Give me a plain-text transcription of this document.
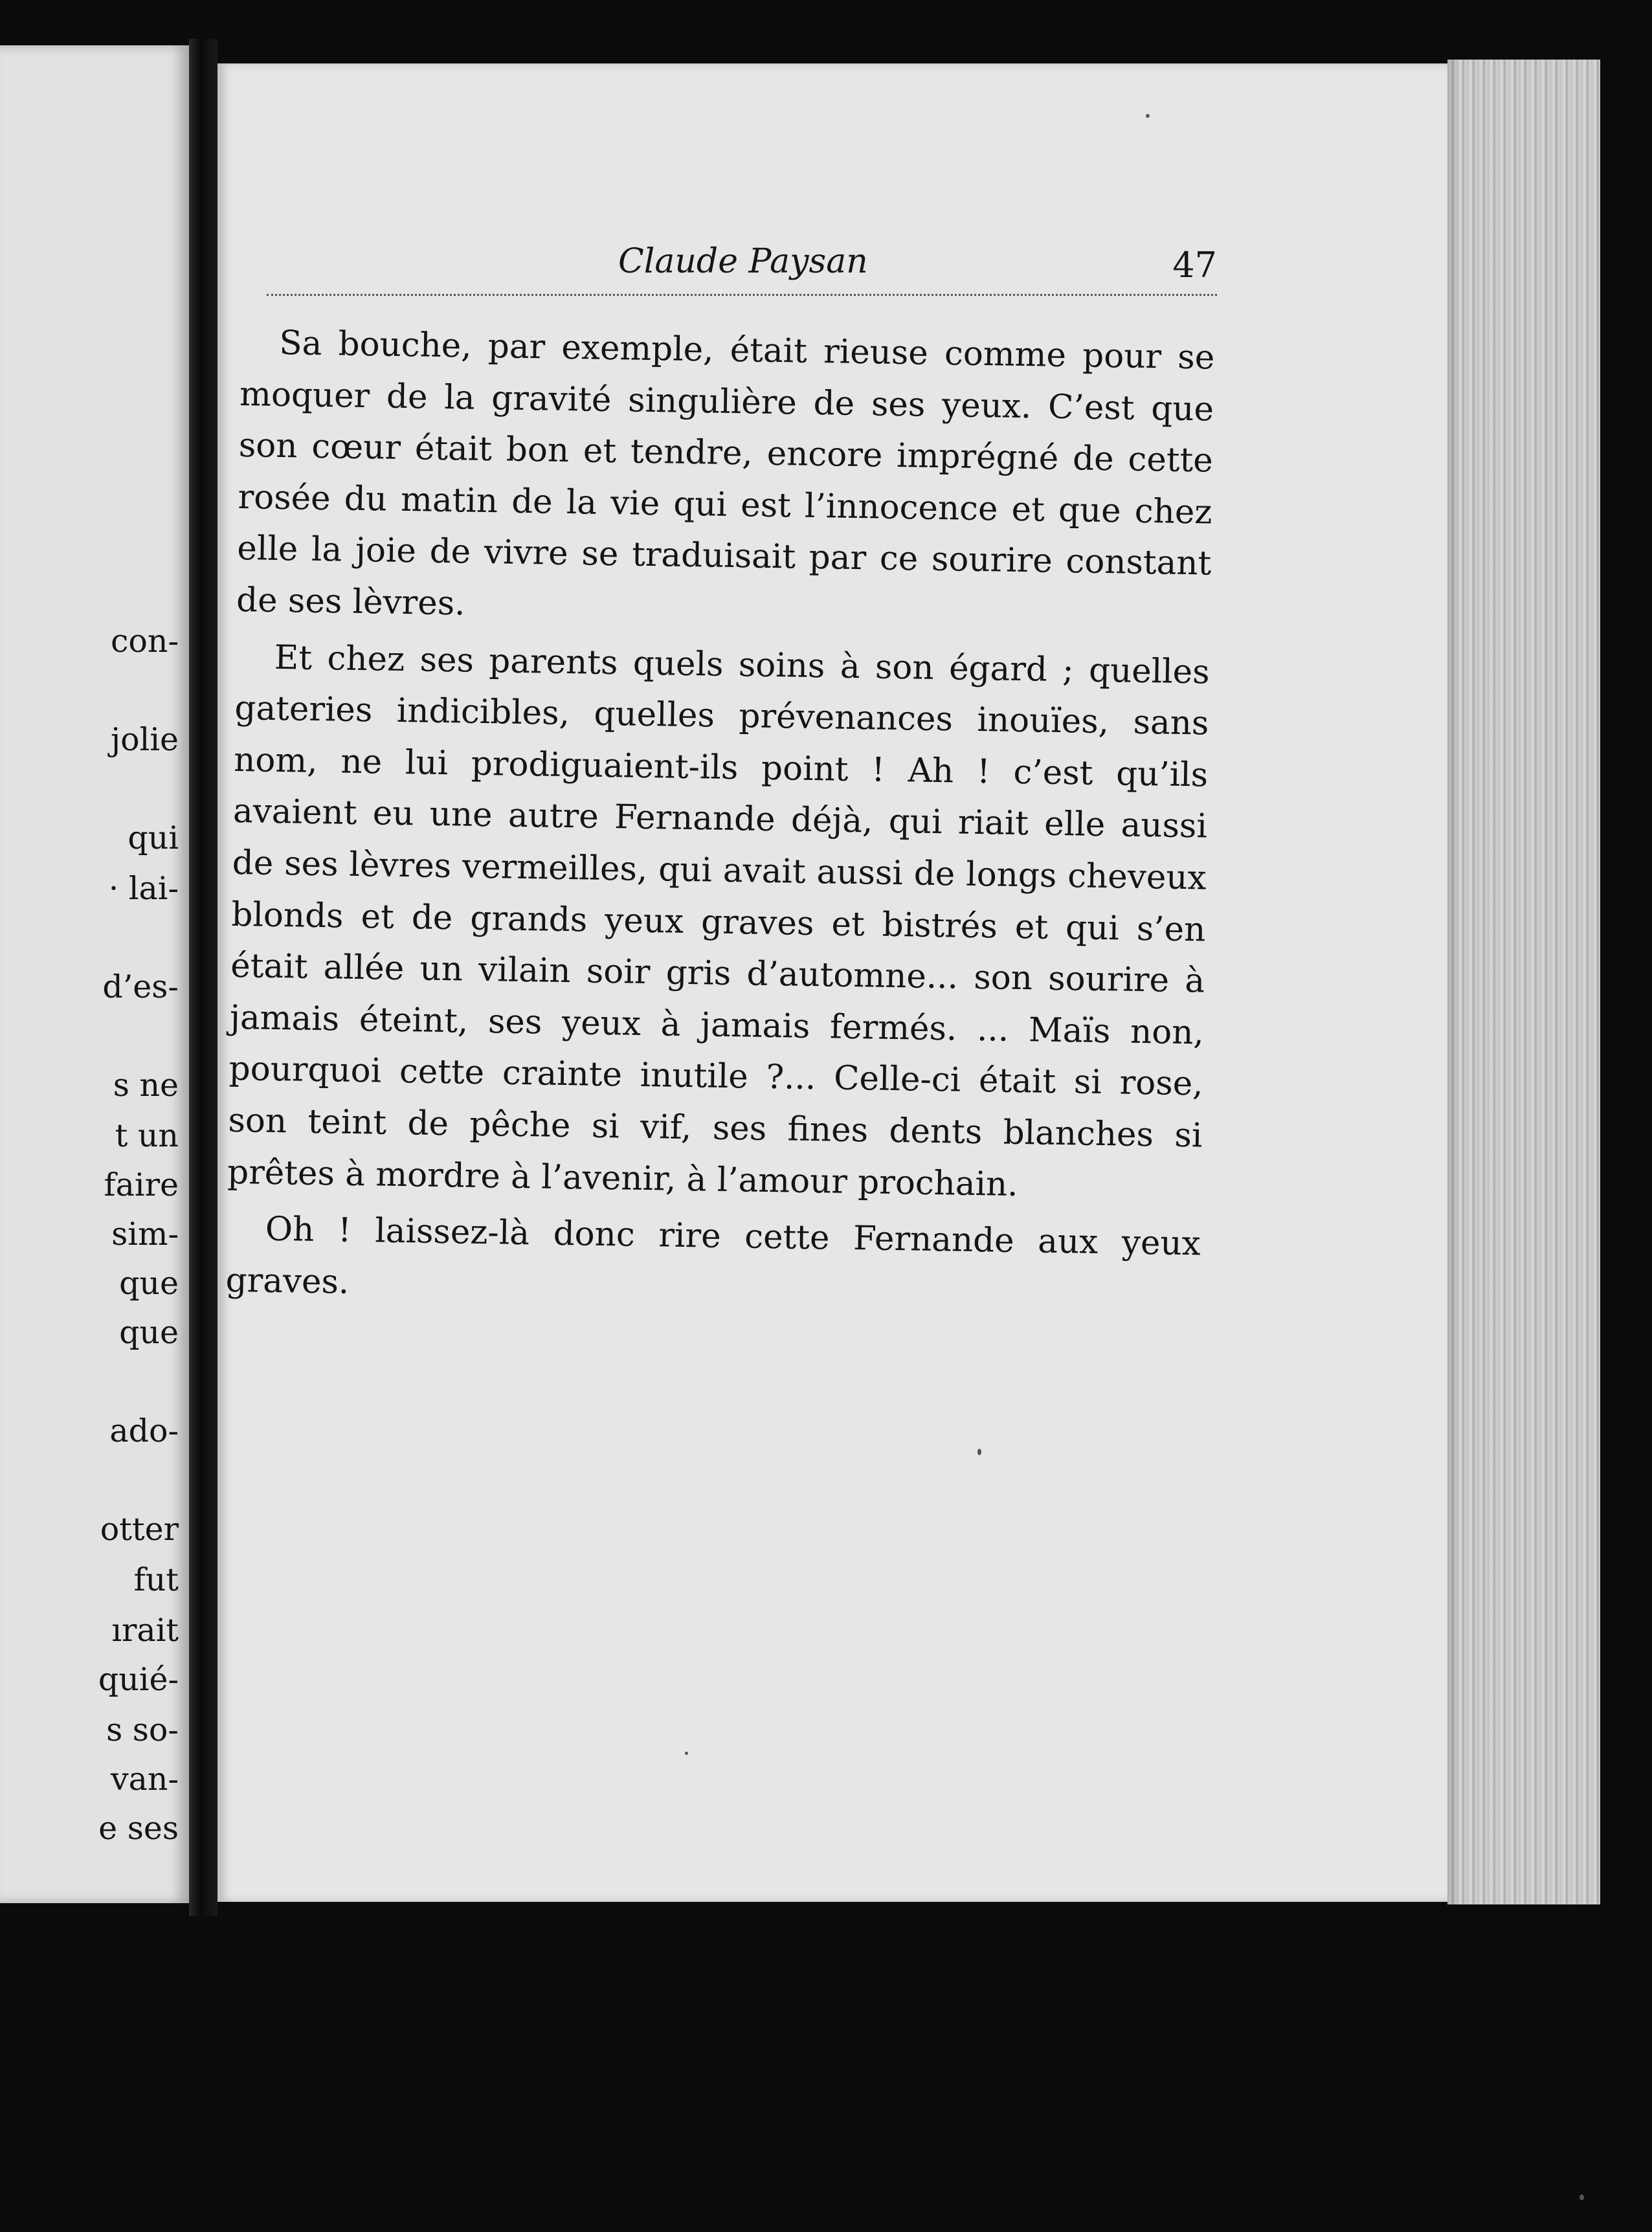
con-
jolie
qui
· lai-
d’es-
s ne
t un
faire
sim-
que
que
ado-
otter
fut
ırait
quié-
s so-
van-
e ses
Claude Paysan	47

Sa bouche, par exemple, était rieuse comme pour se moquer de la gravité singulière de ses yeux. C’est que son cœur était bon et tendre, encore imprégné de cette rosée du matin de la vie qui est l’innocence et que chez elle la joie de vivre se traduisait par ce sourire constant de ses lèvres.

Et chez ses parents quels soins à son égard ; quelles gateries indicibles, quelles prévenances inouïes, sans nom, ne lui prodiguaient-ils point ! Ah ! c’est qu’ils avaient eu une autre Fernande déjà, qui riait elle aussi de ses lèvres vermeilles, qui avait aussi de longs cheveux blonds et de grands yeux graves et bistrés et qui s’en était allée un vilain soir gris d’automne... son sourire à jamais éteint, ses yeux à jamais fermés. ... Maïs non, pourquoi cette crainte inutile ?... Celle-ci était si rose, son teint de pêche si vif, ses fines dents blanches si prêtes à mordre à l’avenir, à l’amour prochain.

Oh ! laissez-là donc rire cette Fernande aux yeux graves.
